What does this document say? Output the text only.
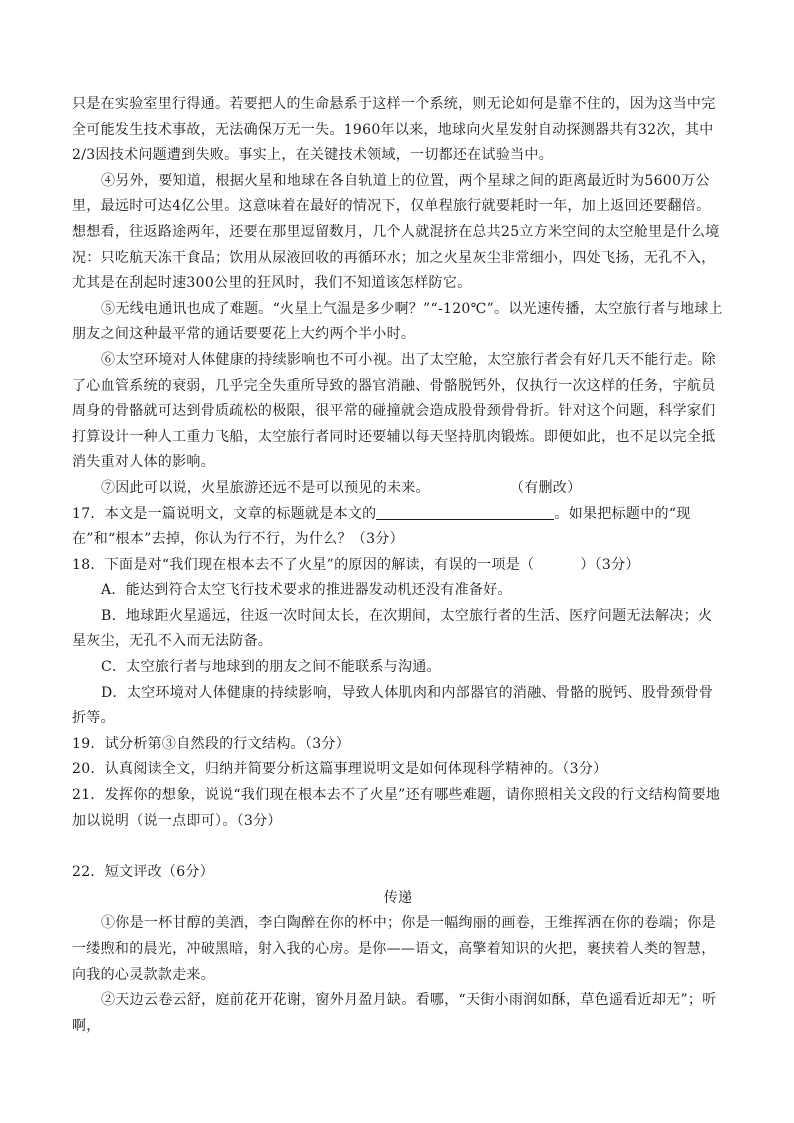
只是在实验室里行得通。若要把人的生命悬系于这样一个系统，则无论如何是靠不住的，因为这当中完全可能发生技术事故，无法确保万无一失。1960年以来，地球向火星发射自动探测器共有32次，其中2/3因技术问题遭到失败。事实上，在关键技术领域，一切都还在试验当中。

④另外，要知道，根据火星和地球在各自轨道上的位置，两个星球之间的距离最近时为5600万公里，最远时可达4亿公里。这意味着在最好的情况下，仅单程旅行就要耗时一年，加上返回还要翻倍。想想看，往返路途两年，还要在那里逗留数月，几个人就混挤在总共25立方米空间的太空舱里是什么境况：只吃航天冻干食品；饮用从尿液回收的再循环水；加之火星灰尘非常细小，四处飞扬，无孔不入，尤其是在刮起时速300公里的狂风时，我们不知道该怎样防它。

⑤无线电通讯也成了难题。“火星上气温是多少啊？”“-120℃”。以光速传播，太空旅行者与地球上朋友之间这种最平常的通话要要花上大约两个半小时。

⑥太空环境对人体健康的持续影响也不可小视。出了太空舱，太空旅行者会有好几天不能行走。除了心血管系统的衰弱，几乎完全失重所导致的器官消融、骨骼脱钙外，仅执行一次这样的任务，宇航员周身的骨骼就可达到骨质疏松的极限，很平常的碰撞就会造成股骨颈骨骨折。针对这个问题，科学家们打算设计一种人工重力飞船，太空旅行者同时还要辅以每天坚持肌肉锻炼。即便如此，也不足以完全抵消失重对人体的影响。

⑦因此可以说，火星旅游还远不是可以预见的未来。	（有删改）

17．本文是一篇说明文，文章的标题就是本文的	。如果把标题中的“现在”和“根本”去掉，你认为行不行，为什么？（3分）

18．下面是对“我们现在根本去不了火星”的原因的解读，有误的一项是（	）（3分）

A．能达到符合太空飞行技术要求的推进器发动机还没有准备好。

B．地球距火星遥远，往返一次时间太长，在次期间，太空旅行者的生活、医疗问题无法解决；火星灰尘，无孔不入而无法防备。

C．太空旅行者与地球到的朋友之间不能联系与沟通。

D．太空环境对人体健康的持续影响，导致人体肌肉和内部器官的消融、骨骼的脱钙、股骨颈骨骨折等。

19．试分析第③自然段的行文结构。（3分）

20．认真阅读全文，归纳并简要分析这篇事理说明文是如何体现科学精神的。（3分）

21．发挥你的想象，说说“我们现在根本去不了火星”还有哪些难题，请你照相关文段的行文结构简要地加以说明（说一点即可）。（3分）

22．短文评改（6分）

传递

①你是一杯甘醇的美酒，李白陶醉在你的杯中；你是一幅绚丽的画卷，王维挥洒在你的卷端；你是一缕煦和的晨光，冲破黑暗，射入我的心房。是你——语文，高擎着知识的火把，裹挟着人类的智慧，向我的心灵款款走来。

②天边云卷云舒，庭前花开花谢，窗外月盈月缺。看哪，“天街小雨润如酥，草色遥看近却无”；听啊，
